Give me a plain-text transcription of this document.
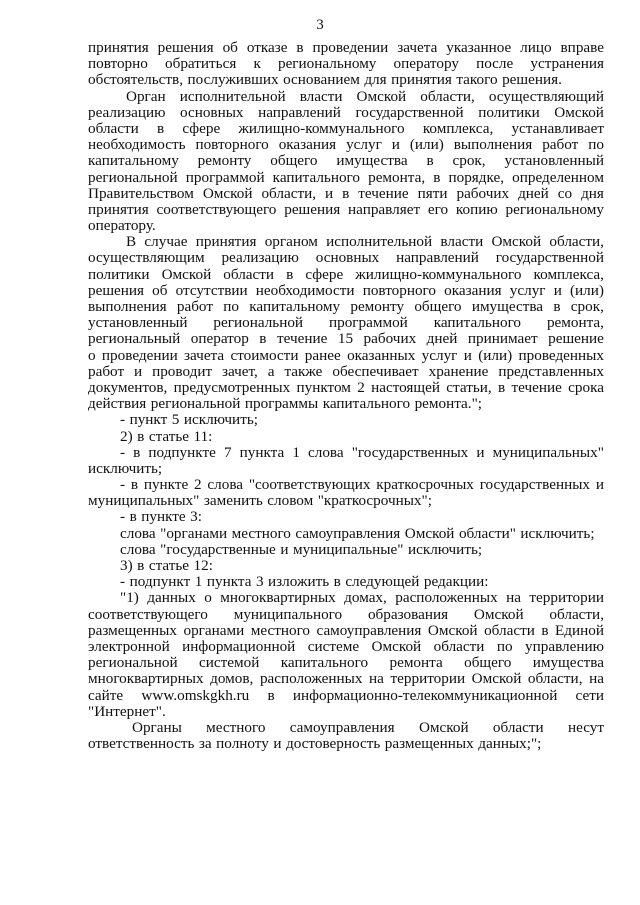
3
принятия решения об отказе в проведении зачета указанное лицо вправе
повторно обратиться к региональному оператору после устранения
обстоятельств, послуживших основанием для принятия такого решения.
Орган исполнительной власти Омской области, осуществляющий
реализацию основных направлений государственной политики Омской
области в сфере жилищно-коммунального комплекса, устанавливает
необходимость повторного оказания услуг и (или) выполнения работ по
капитальному ремонту общего имущества в срок, установленный
региональной программой капитального ремонта, в порядке, определенном
Правительством Омской области, и в течение пяти рабочих дней со дня
принятия соответствующего решения направляет его копию региональному
оператору.
В случае принятия органом исполнительной власти Омской области,
осуществляющим реализацию основных направлений государственной
политики Омской области в сфере жилищно-коммунального комплекса,
решения об отсутствии необходимости повторного оказания услуг и (или)
выполнения работ по капитальному ремонту общего имущества в срок,
установленный региональной программой капитального ремонта,
региональный оператор в течение 15 рабочих дней принимает решение
о проведении зачета стоимости ранее оказанных услуг и (или) проведенных
работ и проводит зачет, а также обеспечивает хранение представленных
документов, предусмотренных пунктом 2 настоящей статьи, в течение срока
действия региональной программы капитального ремонта.";
- пункт 5 исключить;
2) в статье 11:
- в подпункте 7 пункта 1 слова "государственных и муниципальных"
исключить;
- в пункте 2 слова "соответствующих краткосрочных государственных и
муниципальных" заменить словом "краткосрочных";
- в пункте 3:
слова "органами местного самоуправления Омской области" исключить;
слова "государственные и муниципальные" исключить;
3) в статье 12:
- подпункт 1 пункта 3 изложить в следующей редакции:
"1) данных о многоквартирных домах, расположенных на территории
соответствующего муниципального образования Омской области,
размещенных органами местного самоуправления Омской области в Единой
электронной информационной системе Омской области по управлению
региональной системой капитального ремонта общего имущества
многоквартирных домов, расположенных на территории Омской области, на
сайте www.omskgkh.ru в информационно-телекоммуникационной сети
"Интернет".
Органы местного самоуправления Омской области несут
ответственность за полноту и достоверность размещенных данных;";
